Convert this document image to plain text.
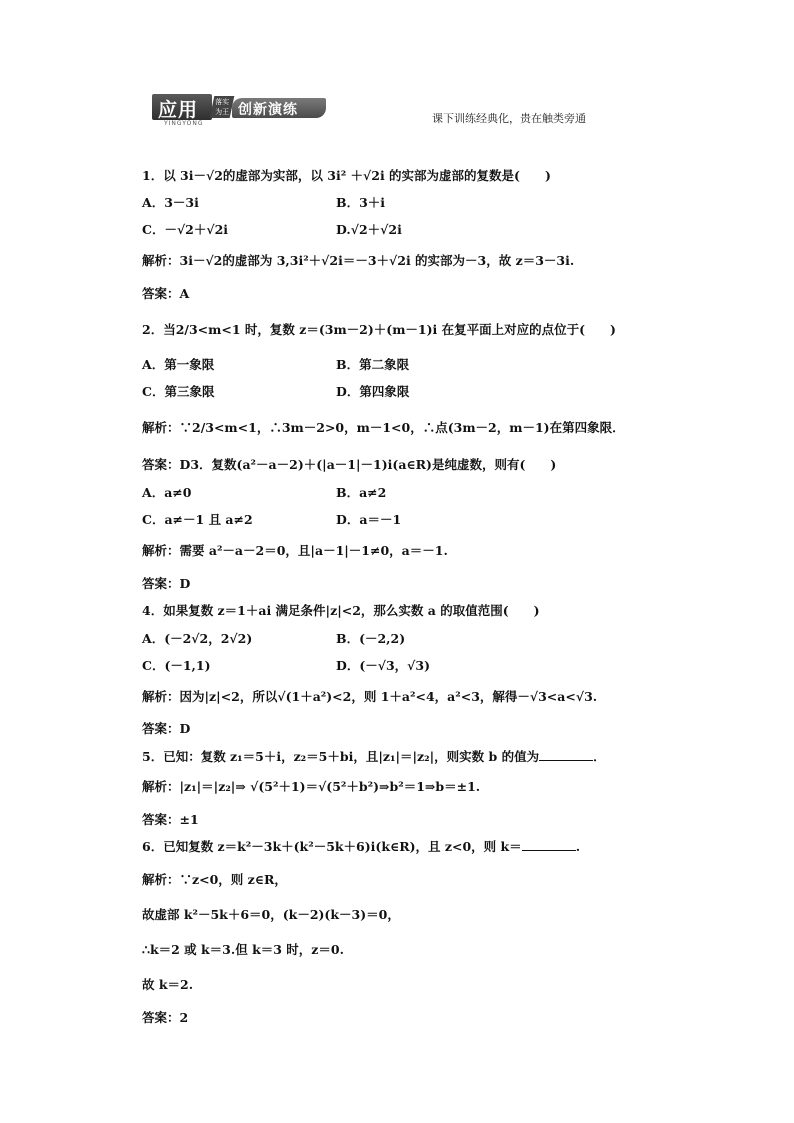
应用
YINGYONG
落实为王 创新演练
课下训练经典化，贵在触类旁通
1．以 3i－√2的虚部为实部，以 3i² ＋√2i 的实部为虚部的复数是(　　)
A．3－3i	B．3＋i
C．－√2＋√2i	D.√2＋√2i
解析：3i－√2的虚部为 3,3i²＋√2i＝－3＋√2i 的实部为－3，故 z＝3－3i.
答案：A
2．当2/3<m<1 时，复数 z＝(3m－2)＋(m－1)i 在复平面上对应的点位于(　　)
A．第一象限	B．第二象限
C．第三象限	D．第四象限
解析：∵2/3<m<1，∴3m－2>0，m－1<0，∴点(3m－2，m－1)在第四象限．
答案：D3．复数(a²－a－2)＋(|a－1|－1)i(a∈R)是纯虚数，则有(　　)
A．a≠0	B．a≠2
C．a≠－1 且 a≠2	D．a＝－1
解析：需要 a²－a－2＝0，且|a－1|－1≠0，a＝－1.
答案：D
4．如果复数 z＝1＋ai 满足条件|z|<2，那么实数 a 的取值范围(　　)
A．(－2√2，2√2)	B．(－2,2)
C．(－1,1)	D．(－√3，√3)
解析：因为|z|<2，所以√(1＋a²)<2，则 1＋a²<4，a²<3，解得－√3<a<√3.
答案：D
5．已知：复数 z₁＝5＋i，z₂＝5＋bi，且|z₁|＝|z₂|，则实数 b 的值为	．
解析：|z₁|＝|z₂|⇒ √(5²＋1)＝√(5²＋b²)⇒b²＝1⇒b＝±1.
答案：±1
6．已知复数 z＝k²－3k＋(k²－5k＋6)i(k∈R)，且 z<0，则 k＝	.
解析：∵z<0，则 z∈R，
故虚部 k²－5k＋6＝0，(k－2)(k－3)＝0，
∴k＝2 或 k＝3.但 k＝3 时，z＝0.
故 k＝2.
答案：2
